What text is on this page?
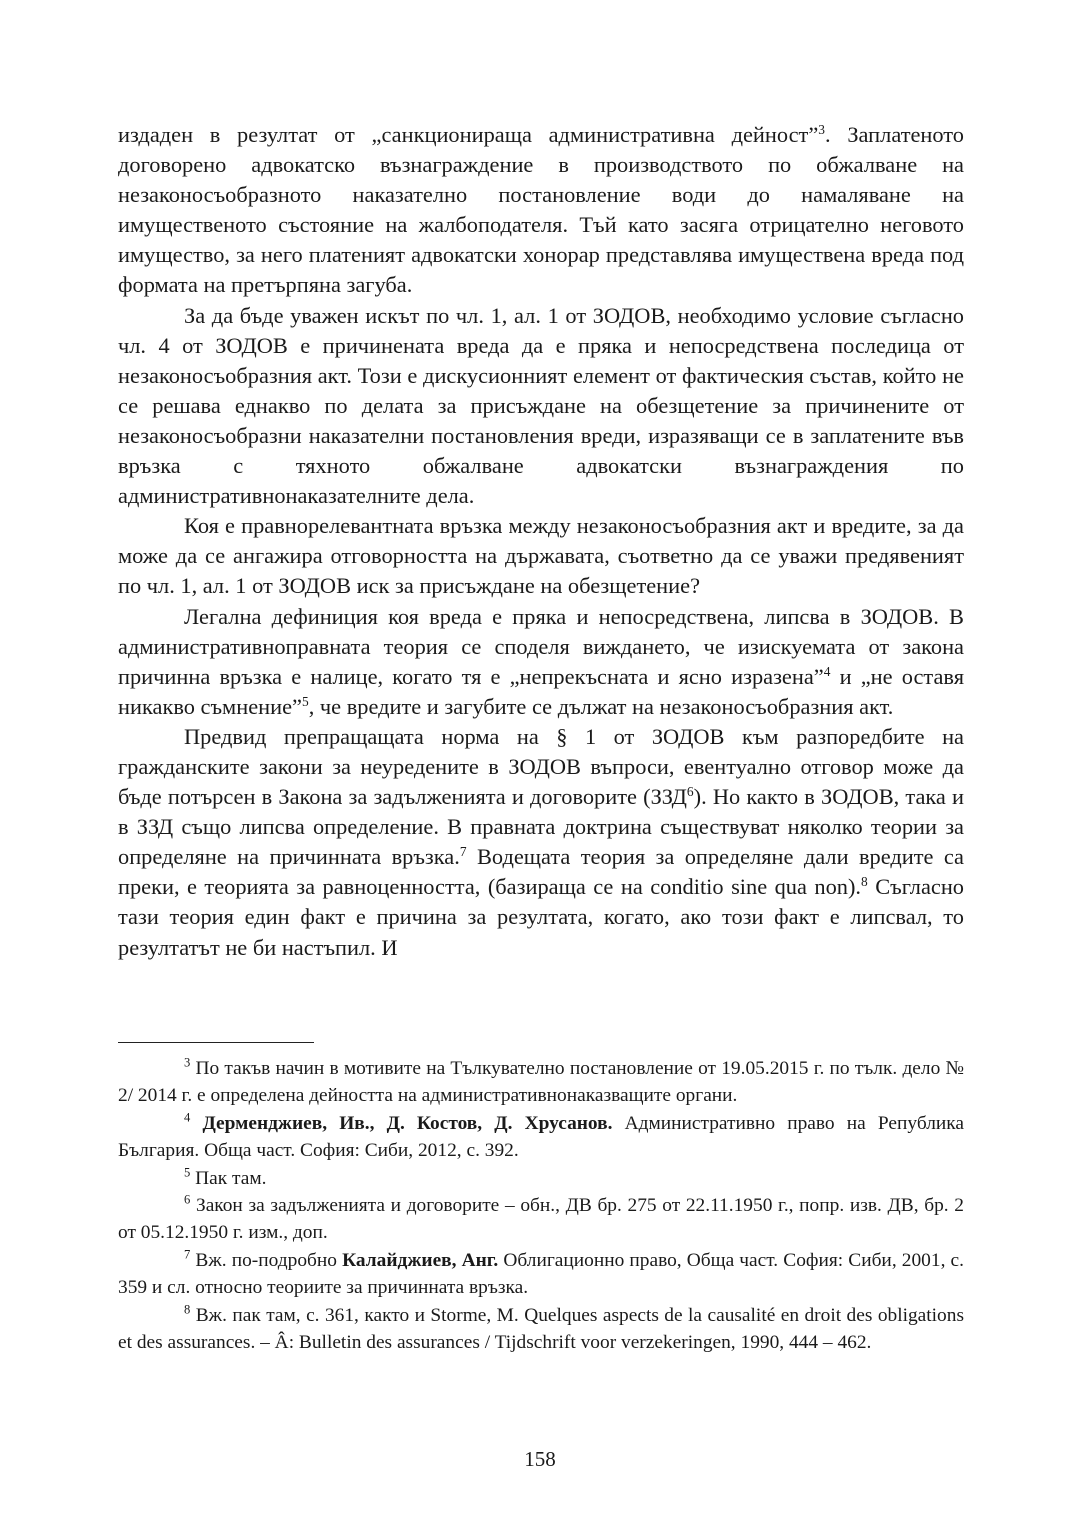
издаден в резултат от „санкционираща административна дейност”$^3$. Заплатеното договорено адвокатско възнаграждение в производството по обжалване на незаконосъобразното наказателно постановление води до намаляване на имущественото състояние на жалбоподателя. Тъй като засяга отрицателно неговото имущество, за него платеният адвокатски хонорар представлява имуществена вреда под формата на претърпяна загуба.

За да бъде уважен искът по чл. 1, ал. 1 от ЗОДОВ, необходимо условие съгласно чл. 4 от ЗОДОВ е причинената вреда да е пряка и непосредствена последица от незаконосъобразния акт. Този е дискусионният елемент от фактическия състав, който не се решава еднакво по делата за присъждане на обезщетение за причинените от незаконосъобразни наказателни постановления вреди, изразяващи се в заплатените във връзка с тяхното обжалване адвокатски възнаграждения по административнонаказателните дела.

Коя е правнорелевантната връзка между незаконосъобразния акт и вредите, за да може да се ангажира отговорността на държавата, съответно да се уважи предявеният по чл. 1, ал. 1 от ЗОДОВ иск за присъждане на обезщетение?

Легална дефиниция коя вреда е пряка и непосредствена, липсва в ЗОДОВ. В административноправната теория се споделя виждането, че изискуемата от закона причинна връзка е налице, когато тя е „непрекъсната и ясно изразена”$^4$ и „не оставя никакво съмнение”$^5$, че вредите и загубите се дължат на незаконосъобразния акт.

Предвид препращащата норма на § 1 от ЗОДОВ към разпоредбите на гражданските закони за неуредените в ЗОДОВ въпроси, евентуално отговор може да бъде потърсен в Закона за задълженията и договорите (ЗЗД$^6$). Но както в ЗОДОВ, така и в ЗЗД също липсва определение. В правната доктрина съществуват няколко теории за определяне на причинната връзка.$^7$ Водещата теория за определяне дали вредите са преки, е теорията за равноценността, (базираща се на conditio sine qua non).$^8$ Съгласно тази теория един факт е причина за резултата, когато, ако този факт е липсвал, то резултатът не би настъпил. И

$^3$ По такъв начин в мотивите на Тълкувателно постановление от 19.05.2015 г. по тълк. дело № 2/ 2014 г. е определена дейността на административнонаказващите органи.

$^4$ Дерменджиев, Ив., Д. Костов, Д. Хрусанов. Административно право на Република България. Обща част. София: Сиби, 2012, с. 392.

$^5$ Пак там.

$^6$ Закон за задълженията и договорите – обн., ДВ бр. 275 от 22.11.1950 г., попр. изв. ДВ, бр. 2 от 05.12.1950 г. изм., доп.

$^7$ Вж. по-подробно Калайджиев, Анг. Облигационно право, Обща част. София: Сиби, 2001, с. 359 и сл. относно теориите за причинната връзка.

$^8$ Вж. пак там, с. 361, както и Storme, M. Quelques aspects de la causalité en droit des obligations et des assurances. – Â: Bulletin des assurances / Tijdschrift voor verzekeringen, 1990, 444 – 462.

158
